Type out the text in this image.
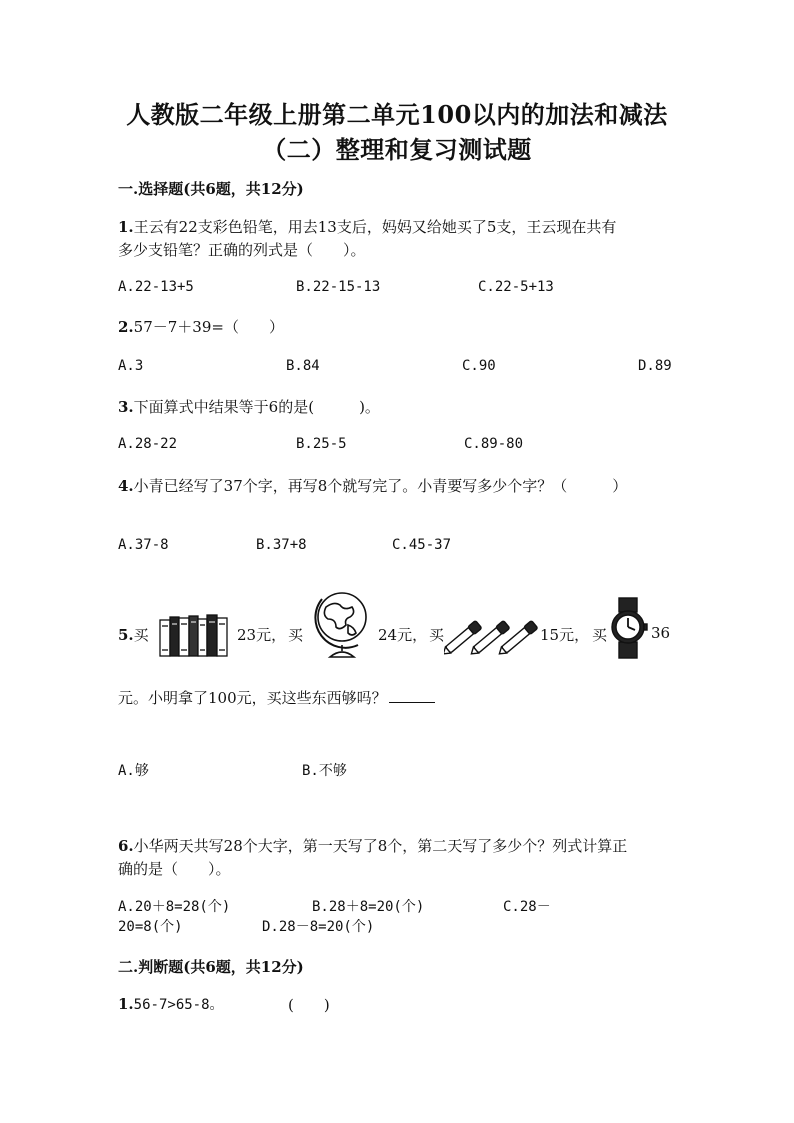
人教版二年级上册第二单元100以内的加法和减法
（二）整理和复习测试题
一.选择题(共6题，共12分)
1.王云有22支彩色铅笔，用去13支后，妈妈又给她买了5支，王云现在共有
多少支铅笔？正确的列式是（　　）。
A.22-13+5	B.22-15-13	C.22-5+13
2.57－7＋39=（　　）
A.3	B.84	C.90	D.89
3.下面算式中结果等于6的是(　　　)。
A.28-22	B.25-5	C.89-80
4.小青已经写了37个字，再写8个就写完了。小青要写多少个字？（　　　）
A.37-8	B.37+8	C.45-37
5.买	23元， 买	24元， 买	15元， 买	36
元。小明拿了100元，买这些东西够吗？
A.够	B.不够
6.小华两天共写28个大字，第一天写了8个，第二天写了多少个？列式计算正
确的是（　　）。
A.20＋8=28(个)	B.28＋8=20(个)	C.28－
20=8(个)	D.28－8=20(个)
二.判断题(共6题，共12分)
1.56-7>65-8。	(　　)
